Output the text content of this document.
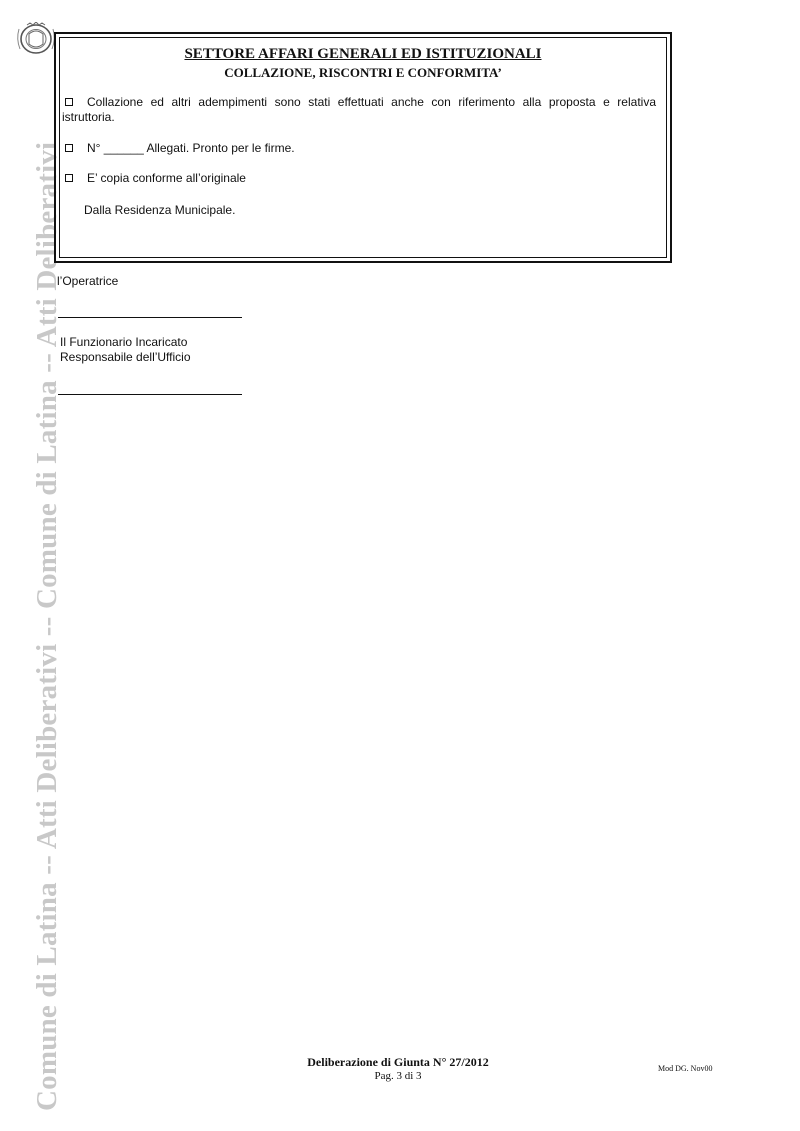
Comune di Latina -- Atti Deliberativi -- Comune di Latina -- Atti Deliberativi
SETTORE AFFARI GENERALI ED ISTITUZIONALI
COLLAZIONE, RISCONTRI E CONFORMITA’
Collazione ed altri adempimenti sono stati effettuati anche con riferimento alla proposta e relativa istruttoria.
N° ______ Allegati. Pronto per le firme.
E’ copia conforme all’originale
Dalla Residenza Municipale.
l’Operatrice
Il Funzionario Incaricato
Responsabile dell’Ufficio
Deliberazione di Giunta N° 27/2012
Pag. 3 di 3
Mod DG. Nov00
